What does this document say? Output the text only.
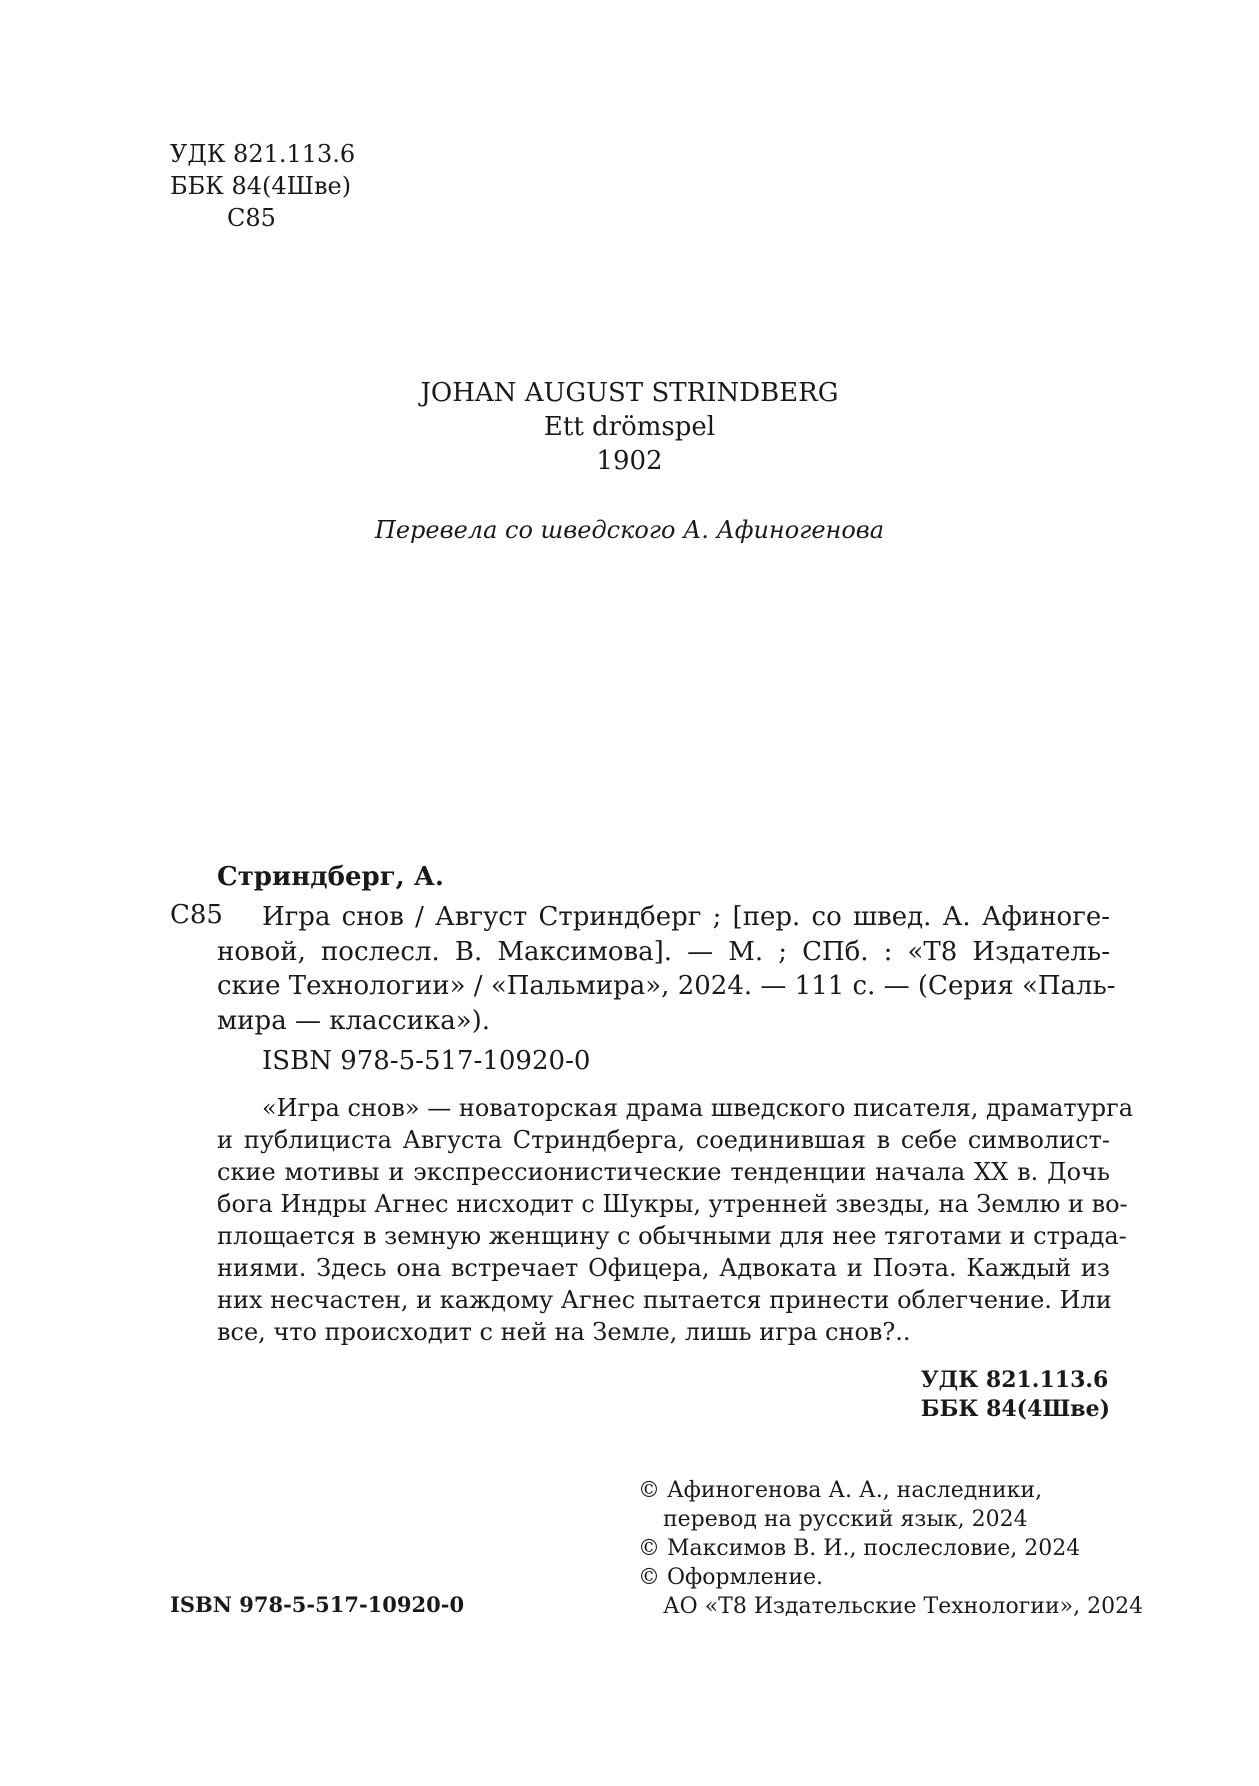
УДК 821.113.6
ББК 84(4Шве)
С85
JOHAN AUGUST STRINDBERG
Ett drömspel
1902
Перевела со шведского А. Афиногенова
Стриндберг, А.
С85	Игра снов / Август Стриндберг ; [пер. со швед. А. Афиноге-
новой, послесл. В. Максимова]. — М. ; СПб. : «Т8 Издатель-
ские Технологии» / «Пальмира», 2024. — 111 с. — (Серия «Паль-
мира — классика»).
ISBN 978-5-517-10920-0
«Игра снов» — новаторская драма шведского писателя, драматурга
и публициста Августа Стриндберга, соединившая в себе символист-
ские мотивы и экспрессионистические тенденции начала XX в. Дочь
бога Индры Агнес нисходит с Шукры, утренней звезды, на Землю и во-
площается в земную женщину с обычными для нее тяготами и страда-
ниями. Здесь она встречает Офицера, Адвоката и Поэта. Каждый из
них несчастен, и каждому Агнес пытается принести облегчение. Или
все, что происходит с ней на Земле, лишь игра снов?..
УДК 821.113.6
ББК 84(4Шве)
© Афиногенова А. А., наследники,
перевод на русский язык, 2024
© Максимов В. И., послесловие, 2024
© Оформление.
АО «Т8 Издательские Технологии», 2024
ISBN 978-5-517-10920-0
